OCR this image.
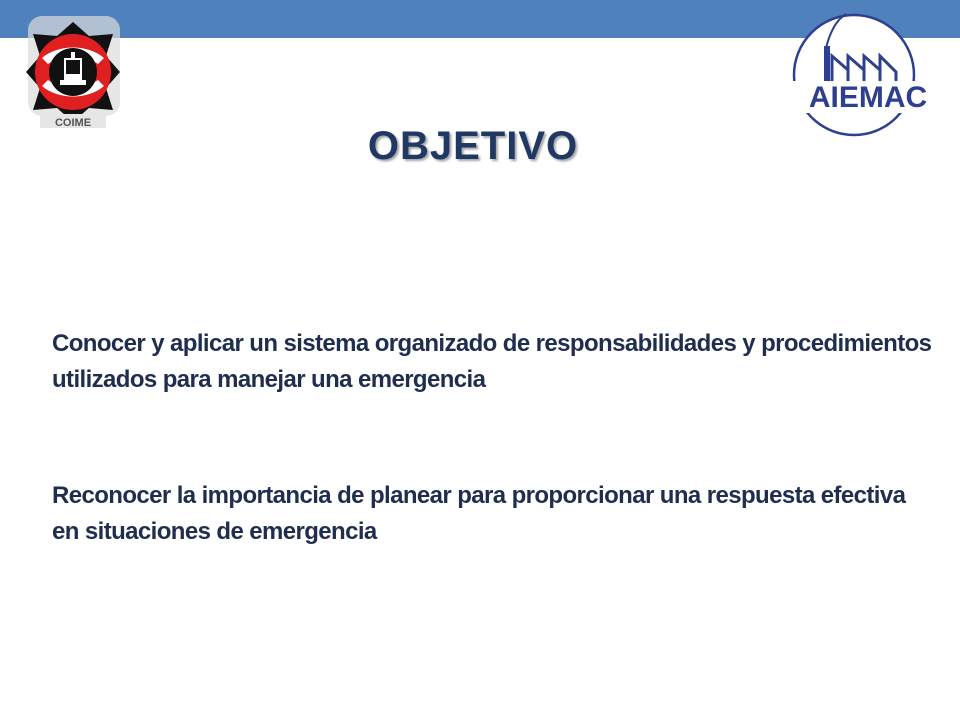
COIME
AIEMAC
OBJETIVO

Conocer y aplicar un sistema organizado de responsabilidades y procedimientos utilizados para manejar una emergencia

Reconocer la importancia de planear para proporcionar una respuesta efectiva en situaciones de emergencia
